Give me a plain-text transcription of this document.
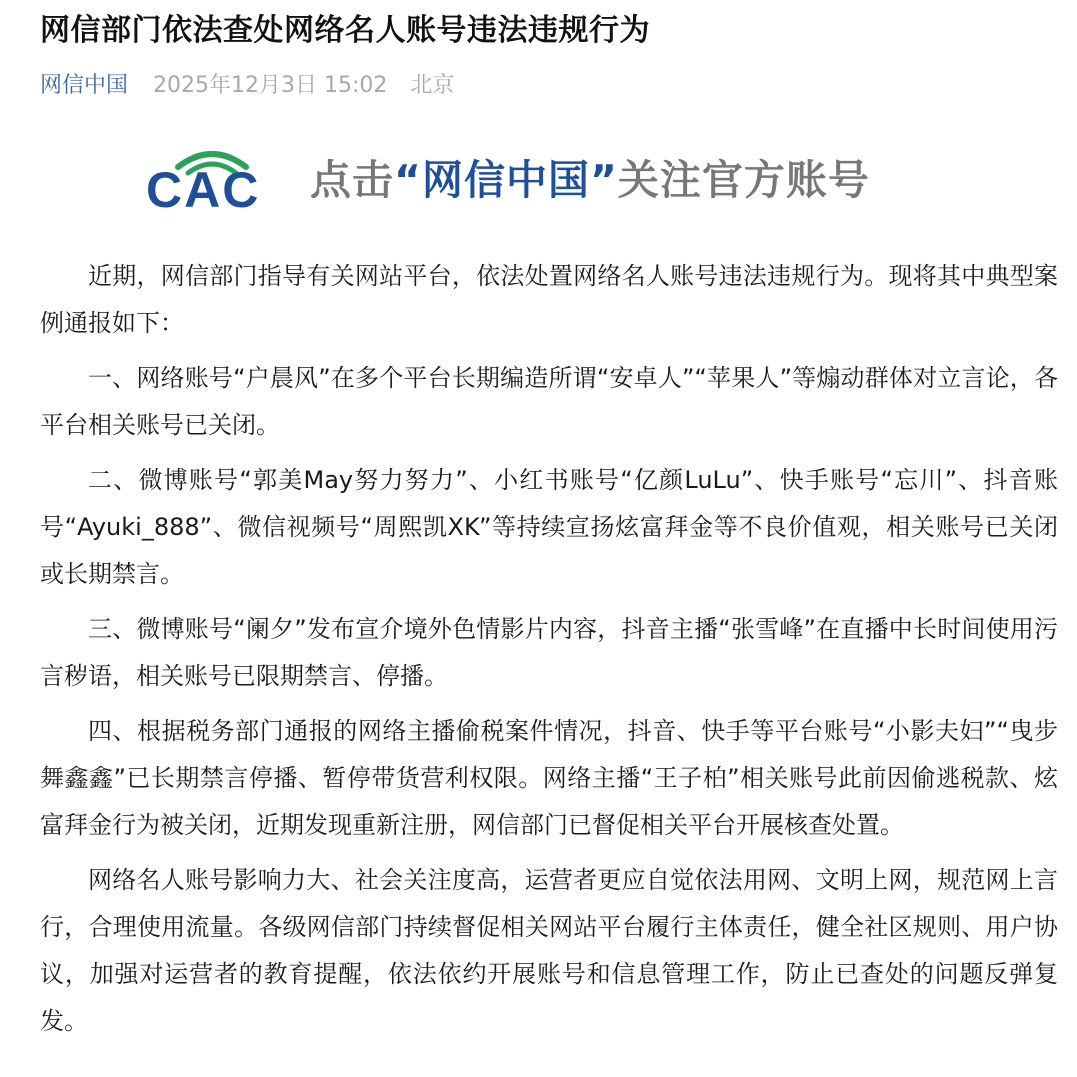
网信部门依法查处网络名人账号违法违规行为
网信中国 2025年12月3日 15:02 北京
CAC 点击“网信中国”关注官方账号

近期，网信部门指导有关网站平台，依法处置网络名人账号违法违规行为。现将其中典型案例通报如下：

一、网络账号“户晨风”在多个平台长期编造所谓“安卓人”“苹果人”等煽动群体对立言论，各平台相关账号已关闭。

二、微博账号“郭美May努力努力”、小红书账号“亿颜LuLu”、快手账号“忘川”、抖音账号“Ayuki_888”、微信视频号“周熙凯XK”等持续宣扬炫富拜金等不良价值观，相关账号已关闭或长期禁言。

三、微博账号“阑夕”发布宣介境外色情影片内容，抖音主播“张雪峰”在直播中长时间使用污言秽语，相关账号已限期禁言、停播。

四、根据税务部门通报的网络主播偷税案件情况，抖音、快手等平台账号“小影夫妇”“曳步舞鑫鑫”已长期禁言停播、暂停带货营利权限。网络主播“王子柏”相关账号此前因偷逃税款、炫富拜金行为被关闭，近期发现重新注册，网信部门已督促相关平台开展核查处置。

网络名人账号影响力大、社会关注度高，运营者更应自觉依法用网、文明上网，规范网上言行，合理使用流量。各级网信部门持续督促相关网站平台履行主体责任，健全社区规则、用户协议，加强对运营者的教育提醒，依法依约开展账号和信息管理工作，防止已查处的问题反弹复发。
